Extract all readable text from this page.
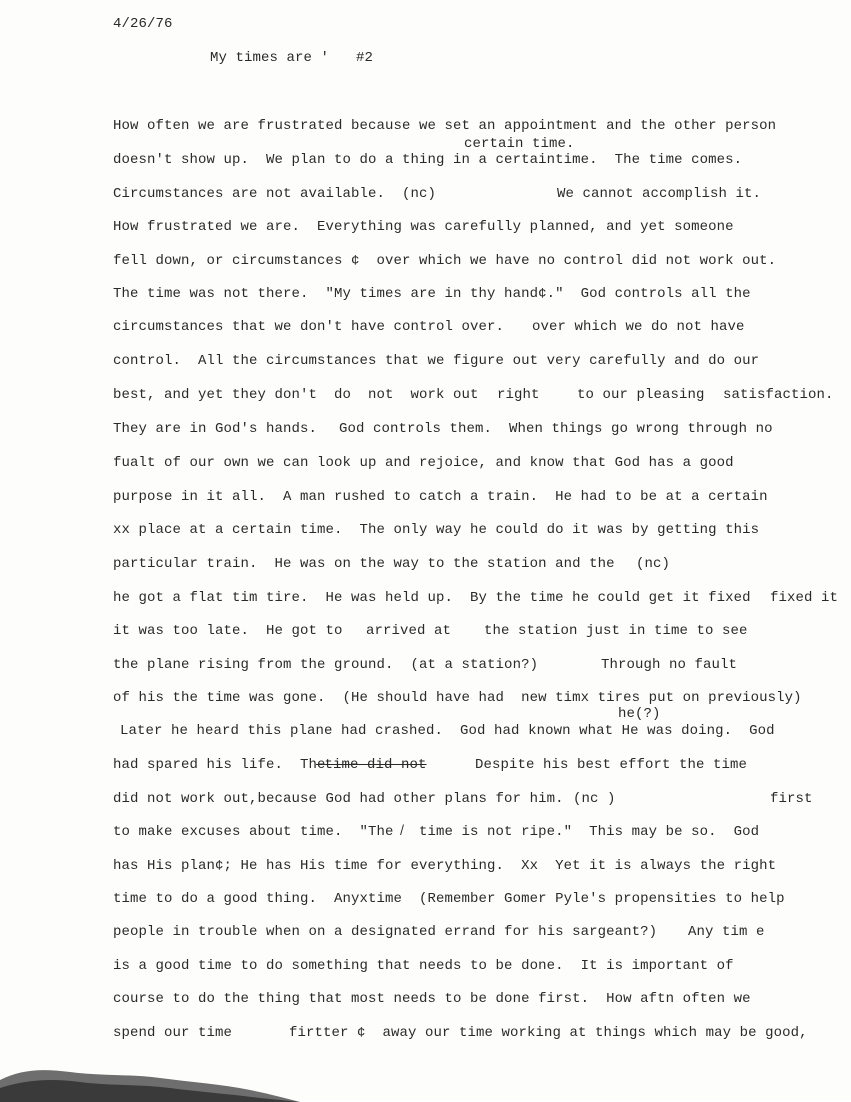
4/26/76
My times are ' #2
How often we are frustrated because we set an appointment and the other person
certain time.
doesn't show up.  We plan to do a thing in a certaintime.  The time comes.
Circumstances are not available.  (nc)	We cannot accomplish it.
How frustrated we are.  Everything was carefully planned, and yet someone
fell down, or circumstances ¢  over which we have no control did not work out.
The time was not there.  "My times are in thy hand¢."  God controls all the
circumstances that we don't have control over. over which we do not have
control.  All the circumstances that we figure out very carefully and do our
best, and yet they don't  do  not  work out right	to our pleasing satisfaction.
They are in God's hands. God controls them.  When things go wrong through no
fualt of our own we can look up and rejoice, and know that God has a good
purpose in it all.  A man rushed to catch a train.  He had to be at a certain
xx place at a certain time.  The only way he could do it was by getting this
particular train.  He was on the way to the station and the (nc)
he got a flat tim tire.  He was held up.  By the time he could get it fixed fixed it
it was too late.  He got to arrived at the station just in time to see
the plane rising from the ground.  (at a station?)	Through no fault
of his the time was gone.  (He should have had  new timx tires put on previously)
he(?)
Later he heard this plane had crashed.  God had known what He was doing.  God
had spared his life.  The
-time did not	Despite his best effort the time
did not work out,because God had other plans for him. (nc )	first
to make excuses about time.  "The ̸  time is not ripe."  This may be so.  God
has His plan¢; He has His time for everything.  Xx  Yet it is always the right
time to do a good thing.  Anyxtime  (Remember Gomer Pyle's propensities to help
people in trouble when on a designated errand for his sargeant?) Any tim e
is a good time to do something that needs to be done.  It is important of
course to do the thing that most needs to be done first.  How aftn often we
spend our time	firtter ¢  away our time working at things which may be good,
